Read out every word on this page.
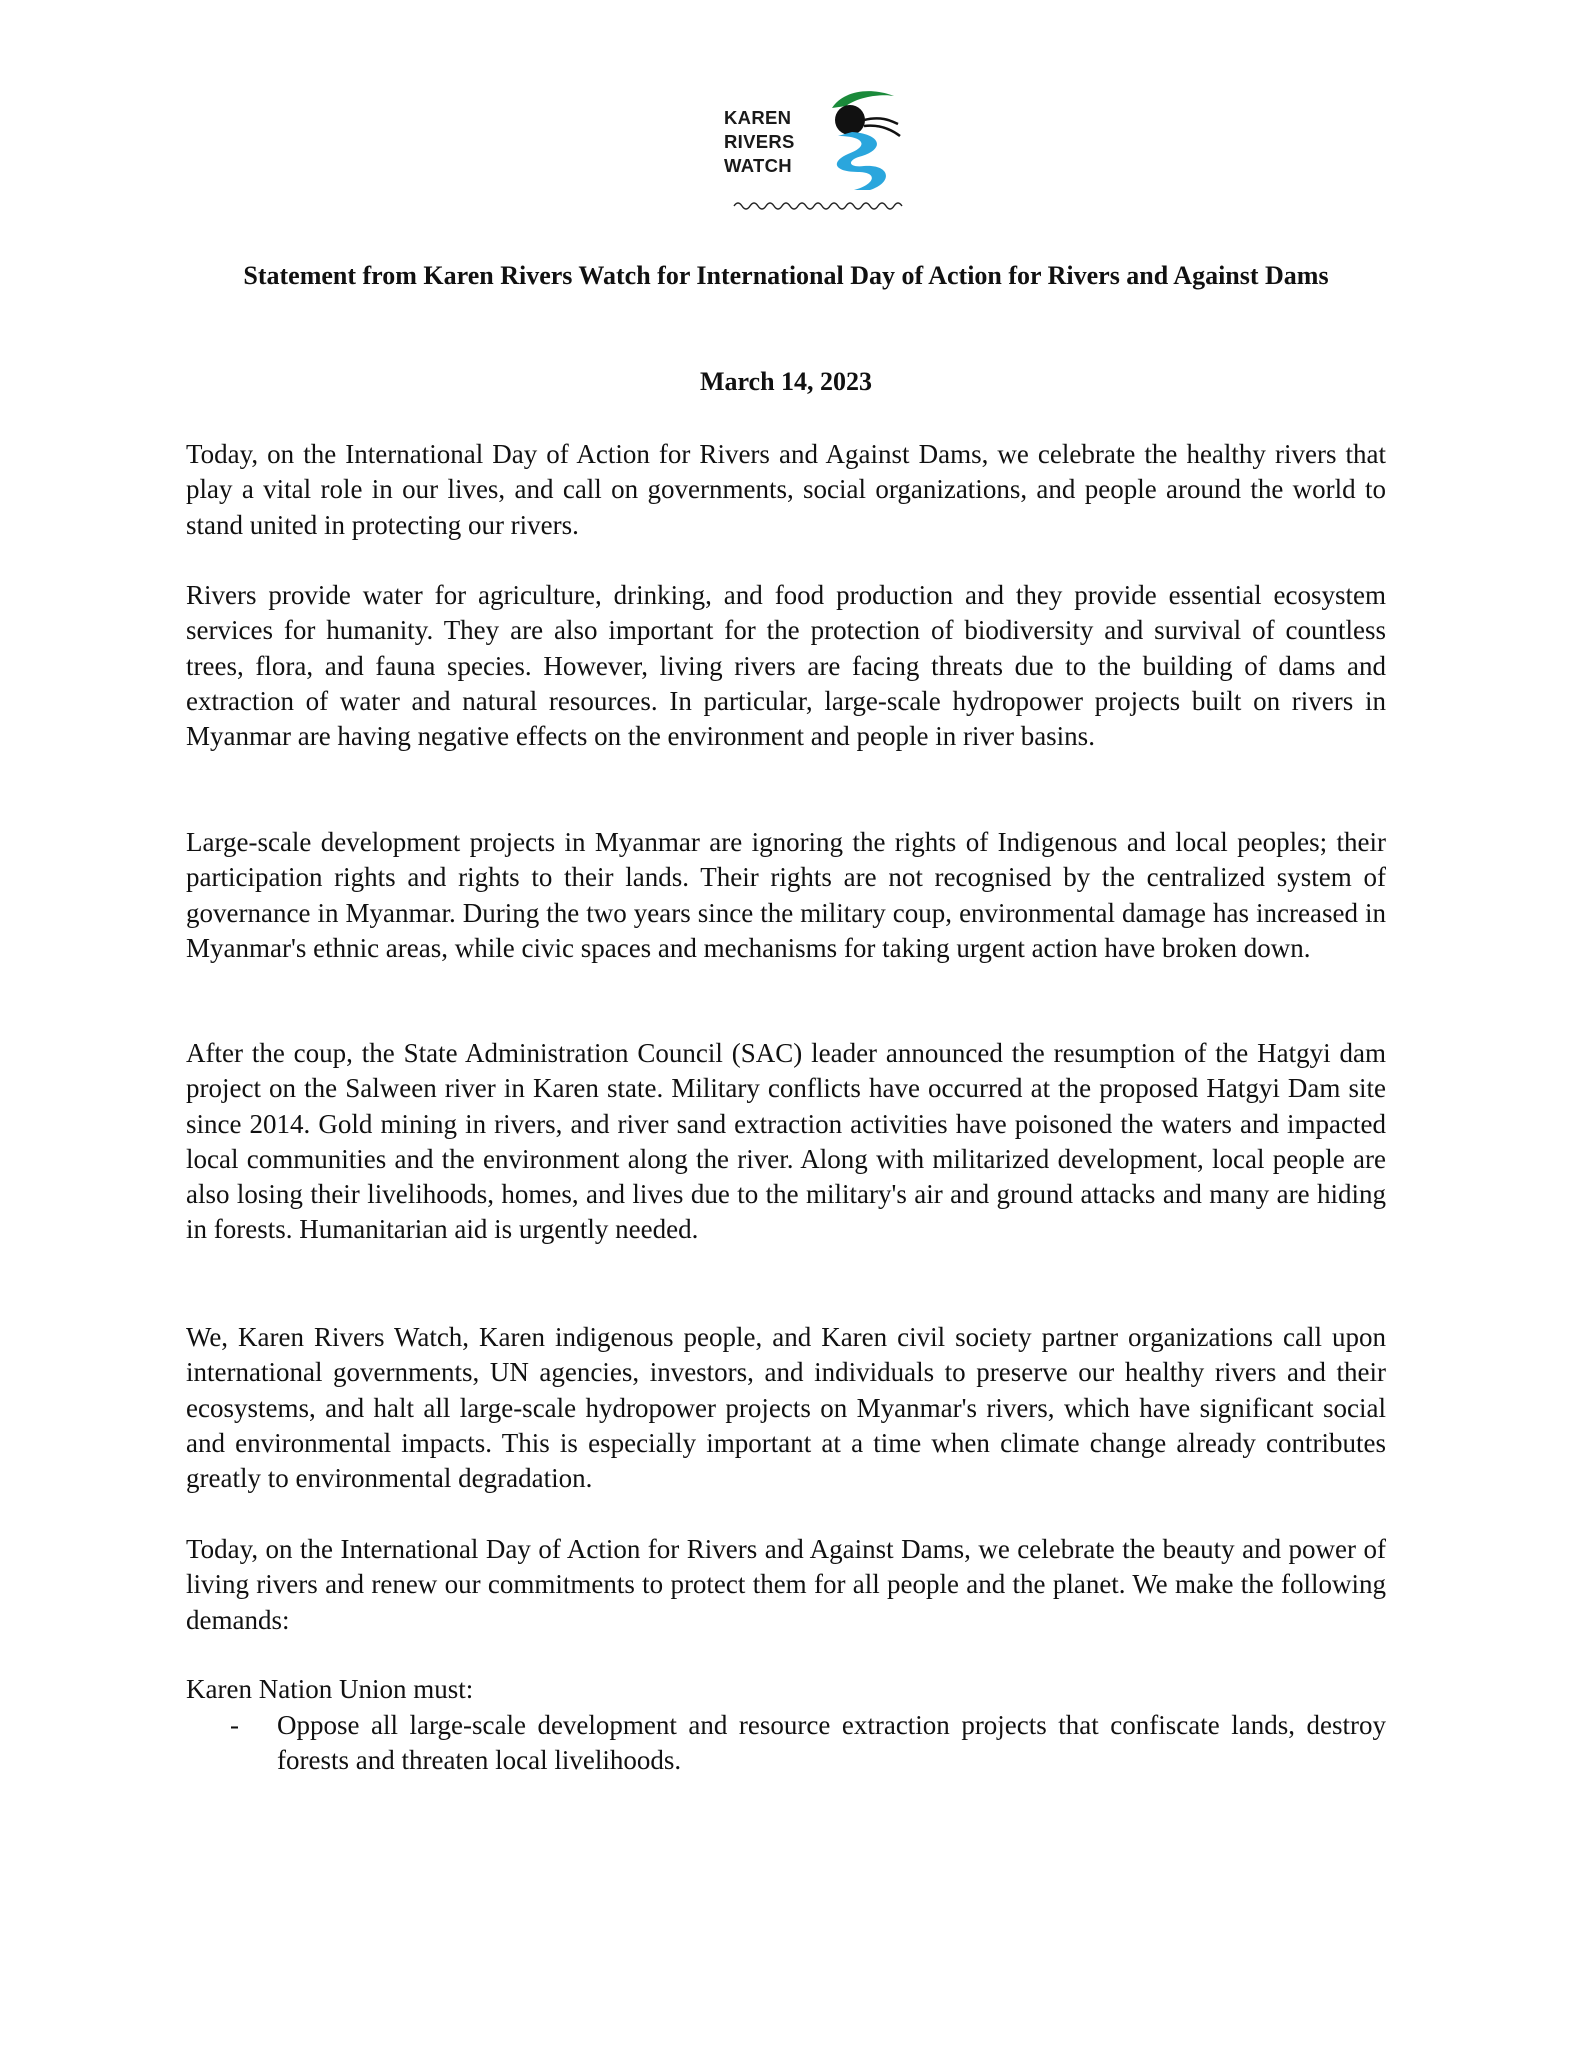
KAREN
RIVERS
WATCH
Statement from Karen Rivers Watch for International Day of Action for Rivers and Against Dams
March 14, 2023
Today, on the International Day of Action for Rivers and Against Dams, we celebrate the healthy rivers that play a vital role in our lives, and call on governments, social organizations, and people around the world to stand united in protecting our rivers.
Rivers provide water for agriculture, drinking, and food production and they provide essential ecosystem services for humanity. They are also important for the protection of biodiversity and survival of countless trees, flora, and fauna species. However, living rivers are facing threats due to the building of dams and extraction of water and natural resources. In particular, large-scale hydropower projects built on rivers in Myanmar are having negative effects on the environment and people in river basins.
Large-scale development projects in Myanmar are ignoring the rights of Indigenous and local peoples; their participation rights and rights to their lands. Their rights are not recognised by the centralized system of governance in Myanmar. During the two years since the military coup, environmental damage has increased in Myanmar's ethnic areas, while civic spaces and mechanisms for taking urgent action have broken down.
After the coup, the State Administration Council (SAC) leader announced the resumption of the Hatgyi dam project on the Salween river in Karen state. Military conflicts have occurred at the proposed Hatgyi Dam site since 2014. Gold mining in rivers, and river sand extraction activities have poisoned the waters and impacted local communities and the environment along the river. Along with militarized development, local people are also losing their livelihoods, homes, and lives due to the military's air and ground attacks and many are hiding in forests. Humanitarian aid is urgently needed.
We, Karen Rivers Watch, Karen indigenous people, and Karen civil society partner organizations call upon international governments, UN agencies, investors, and individuals to preserve our healthy rivers and their ecosystems, and halt all large-scale hydropower projects on Myanmar's rivers, which have significant social and environmental impacts. This is especially important at a time when climate change already contributes greatly to environmental degradation.
Today, on the International Day of Action for Rivers and Against Dams, we celebrate the beauty and power of living rivers and renew our commitments to protect them for all people and the planet. We make the following demands:
Karen Nation Union must:
- Oppose all large-scale development and resource extraction projects that confiscate lands, destroy forests and threaten local livelihoods.
